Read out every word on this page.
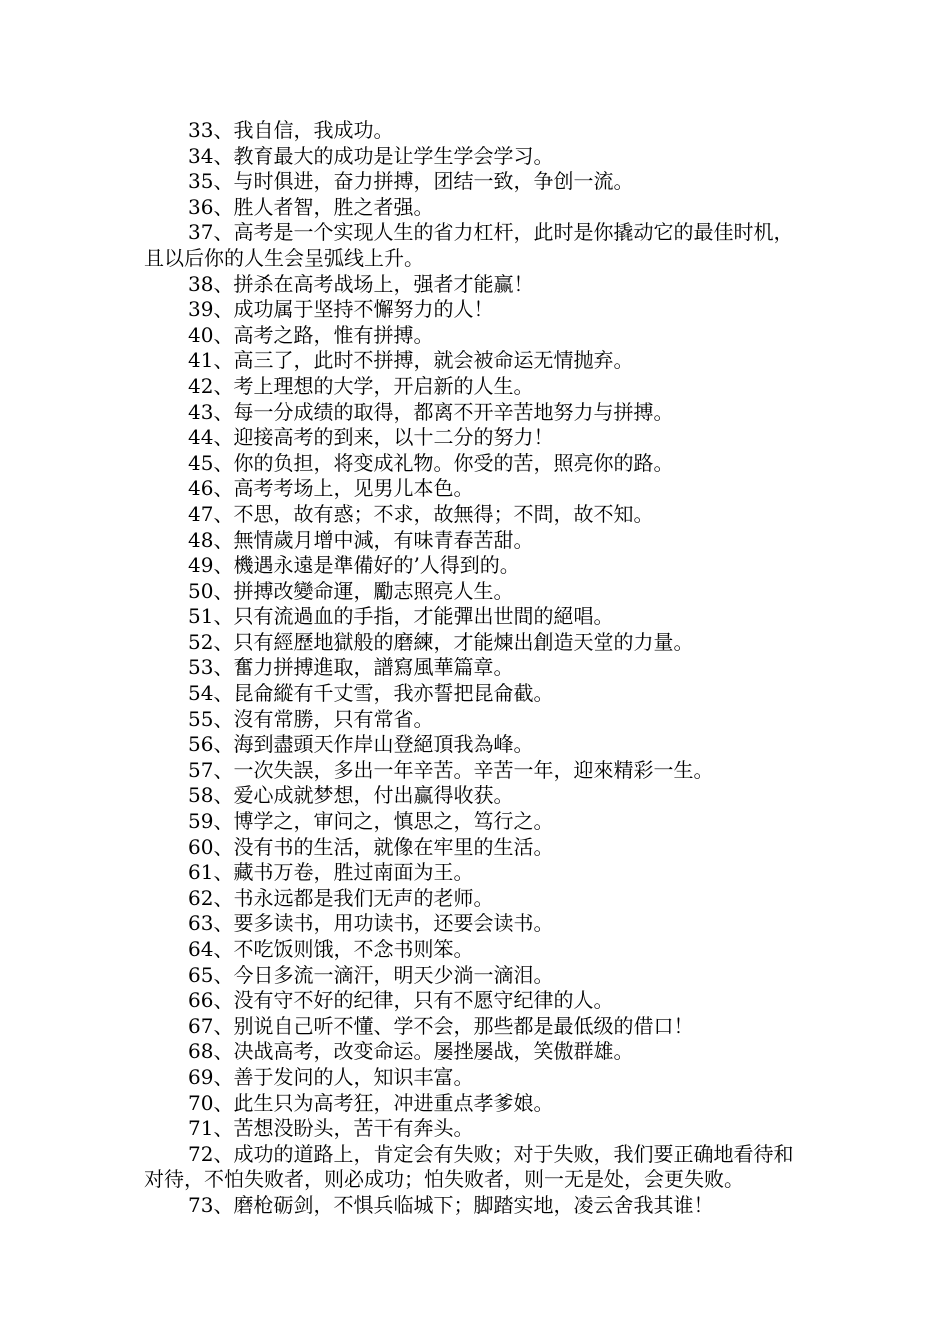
33、我自信，我成功。

34、教育最大的成功是让学生学会学习。

35、与时俱进，奋力拼搏，团结一致，争创一流。

36、胜人者智，胜之者强。

37、高考是一个实现人生的省力杠杆，此时是你撬动它的最佳时机，且以后你的人生会呈弧线上升。

38、拼杀在高考战场上，强者才能赢！

39、成功属于坚持不懈努力的人！

40、高考之路，惟有拼搏。

41、高三了，此时不拼搏，就会被命运无情抛弃。

42、考上理想的大学，开启新的人生。

43、每一分成绩的取得，都离不开辛苦地努力与拼搏。

44、迎接高考的到来，以十二分的努力！

45、你的负担，将变成礼物。你受的苦，照亮你的路。

46、高考考场上，见男儿本色。

47、不思，故有惑；不求，故無得；不問，故不知。

48、無情歲月增中減，有味青春苦甜。

49、機遇永遠是準備好的’人得到的。

50、拼搏改變命運，勵志照亮人生。

51、只有流過血的手指，才能彈出世間的絕唱。

52、只有經歷地獄般的磨練，才能煉出創造天堂的力量。

53、奮力拼搏進取，譜寫風華篇章。

54、昆侖縱有千丈雪，我亦誓把昆侖截。

55、沒有常勝，只有常省。

56、海到盡頭天作岸山登絕頂我為峰。

57、一次失誤，多出一年辛苦。辛苦一年，迎來精彩一生。

58、爱心成就梦想，付出赢得收获。

59、博学之，审问之，慎思之，笃行之。

60、没有书的生活，就像在牢里的生活。

61、藏书万卷，胜过南面为王。

62、书永远都是我们无声的老师。

63、要多读书，用功读书，还要会读书。

64、不吃饭则饿，不念书则笨。

65、今日多流一滴汗，明天少淌一滴泪。

66、没有守不好的纪律，只有不愿守纪律的人。

67、别说自己听不懂、学不会，那些都是最低级的借口！

68、决战高考，改变命运。屡挫屡战，笑傲群雄。

69、善于发问的人，知识丰富。

70、此生只为高考狂，冲进重点孝爹娘。

71、苦想没盼头，苦干有奔头。

72、成功的道路上，肯定会有失败；对于失败，我们要正确地看待和对待，不怕失败者，则必成功；怕失败者，则一无是处，会更失败。

73、磨枪砺剑，不惧兵临城下；脚踏实地，凌云舍我其谁！
